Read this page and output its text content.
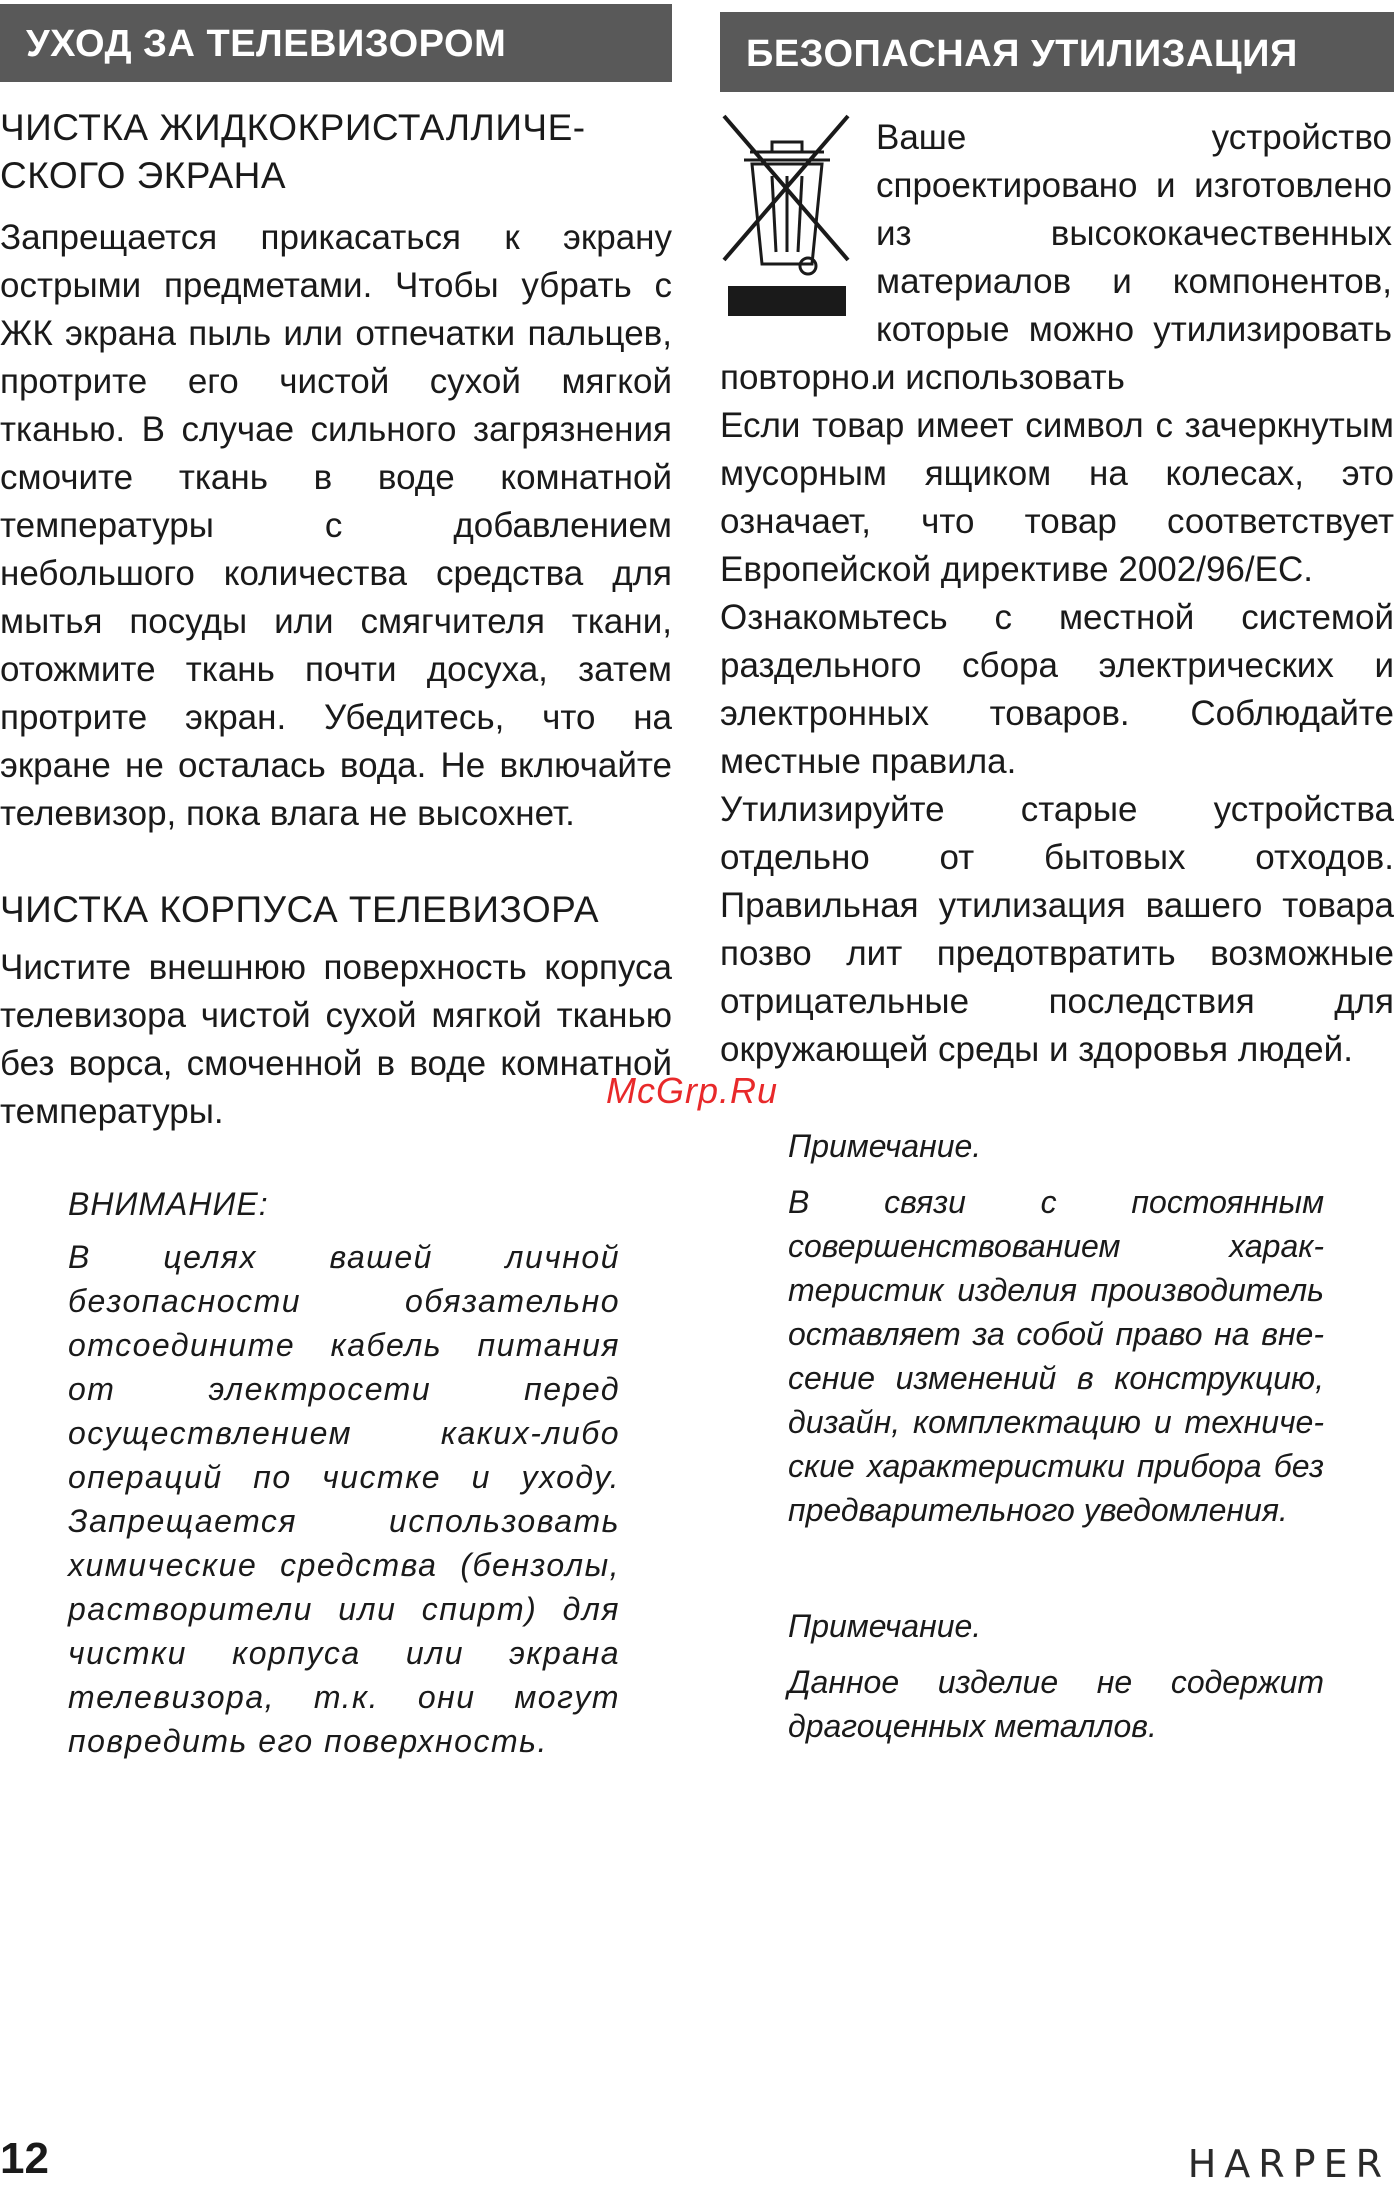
УХОД ЗА ТЕЛЕВИЗОРОМ
ЧИСТКА ЖИДКОКРИСТАЛЛИЧЕ-
СКОГО ЭКРАНА

Запрещается прикасаться к экрану острыми предметами. Чтобы убрать с ЖК экрана пыль или отпечатки пальцев, протрите его чистой сухой мягкой тканью. В случае сильного загрязнения смочите ткань в воде комнатной температуры с добавлением небольшого количества средства для мытья посуды или смягчителя ткани, отожмите ткань почти досуха, затем протрите экран. Убедитесь, что на экране не осталась вода. Не включайте телевизор, пока влага не высохнет.

ЧИСТКА КОРПУСА ТЕЛЕВИЗОРА

Чистите внешнюю поверхность корпуса телевизора чистой сухой мягкой тканью без ворса, смоченной в воде комнатной температуры.

ВНИМАНИЕ:

В целях вашей личной безопасности обязательно отсоедините кабель питания от электросети перед осуществлением каких-либо операций по чистке и уходу. Запрещается использовать химические средства (бензолы, растворители или спирт) для чистки корпуса или экрана телевизора, т.к. они могут повредить его поверхность.

БЕЗОПАСНАЯ УТИЛИЗАЦИЯ

Ваше устройство спроектировано и изготовлено из высококачественных материалов и компонентов, которые можно утилизировать и использовать

повторно.

Если товар имеет символ с зачеркнутым мусорным ящиком на колесах, это означает, что товар соответствует Европейской директиве 2002/96/ЕС.

Ознакомьтесь с местной системой раздельного сбора электрических и электронных товаров. Соблюдайте местные правила.

Утилизируйте старые устройства отдельно от бытовых отходов. Правильная утилизация вашего товара позво лит предотвратить возможные отрицательные последствия для окружающей среды и здоровья людей.

Примечание.

В связи с постоянным совершенствованием харак-теристик изделия производитель оставляет за собой право на вне-сение изменений в конструкцию, дизайн, комплектацию и техниче-ские характеристики прибора без предварительного уведомления.

Примечание.

Данное изделие не содержит драгоценных металлов.

McGrp.Ru
12	HARPER
